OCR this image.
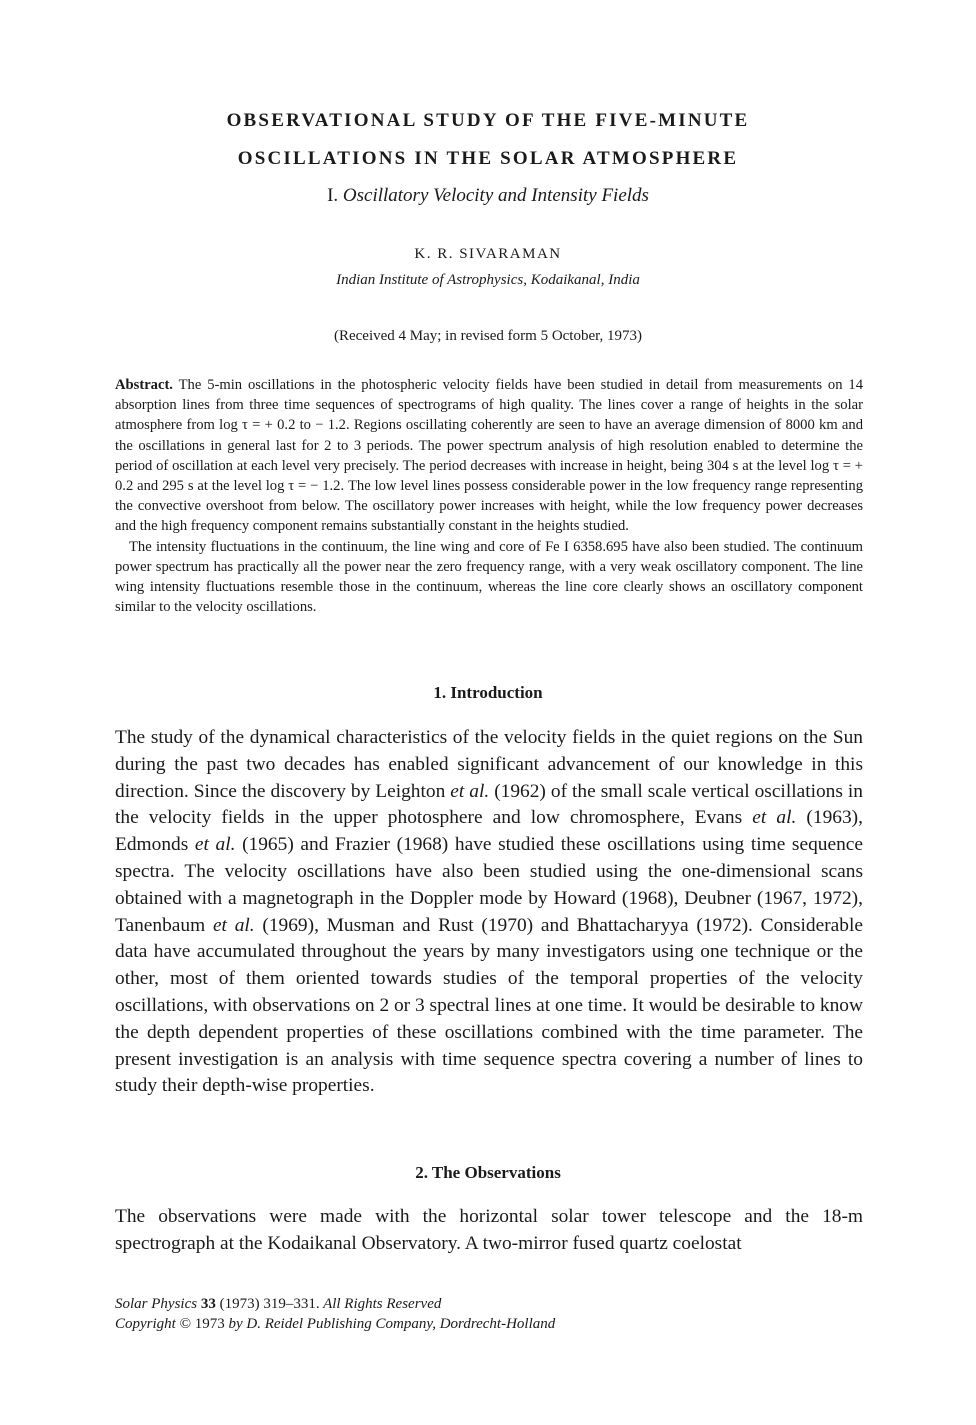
OBSERVATIONAL STUDY OF THE FIVE-MINUTE
OSCILLATIONS IN THE SOLAR ATMOSPHERE
I. Oscillatory Velocity and Intensity Fields
K. R. SIVARAMAN
Indian Institute of Astrophysics, Kodaikanal, India
(Received 4 May; in revised form 5 October, 1973)

Abstract. The 5-min oscillations in the photospheric velocity fields have been studied in detail from measurements on 14 absorption lines from three time sequences of spectrograms of high quality. The lines cover a range of heights in the solar atmosphere from log τ = + 0.2 to − 1.2. Regions oscillating coherently are seen to have an average dimension of 8000 km and the oscillations in general last for 2 to 3 periods. The power spectrum analysis of high resolution enabled to determine the period of oscillation at each level very precisely. The period decreases with increase in height, being 304 s at the level log τ = + 0.2 and 295 s at the level log τ = − 1.2. The low level lines possess considerable power in the low frequency range representing the convective overshoot from below. The oscillatory power increases with height, while the low frequency power decreases and the high frequency component remains substantially constant in the heights studied.

The intensity fluctuations in the continuum, the line wing and core of Fe I 6358.695 have also been studied. The continuum power spectrum has practically all the power near the zero frequency range, with a very weak oscillatory component. The line wing intensity fluctuations resemble those in the continuum, whereas the line core clearly shows an oscillatory component similar to the velocity oscillations.

1. Introduction

The study of the dynamical characteristics of the velocity fields in the quiet regions on the Sun during the past two decades has enabled significant advancement of our knowledge in this direction. Since the discovery by Leighton et al. (1962) of the small scale vertical oscillations in the velocity fields in the upper photosphere and low chromosphere, Evans et al. (1963), Edmonds et al. (1965) and Frazier (1968) have studied these oscillations using time sequence spectra. The velocity oscillations have also been studied using the one-dimensional scans obtained with a magnetograph in the Doppler mode by Howard (1968), Deubner (1967, 1972), Tanenbaum et al. (1969), Musman and Rust (1970) and Bhattacharyya (1972). Considerable data have accumulated throughout the years by many investigators using one technique or the other, most of them oriented towards studies of the temporal properties of the velocity oscillations, with observations on 2 or 3 spectral lines at one time. It would be desirable to know the depth dependent properties of these oscillations combined with the time parameter. The present investigation is an analysis with time sequence spectra covering a number of lines to study their depth-wise properties.

2. The Observations

The observations were made with the horizontal solar tower telescope and the 18-m spectrograph at the Kodaikanal Observatory. A two-mirror fused quartz coelostat

Solar Physics 33 (1973) 319–331. All Rights Reserved
Copyright © 1973 by D. Reidel Publishing Company, Dordrecht-Holland
